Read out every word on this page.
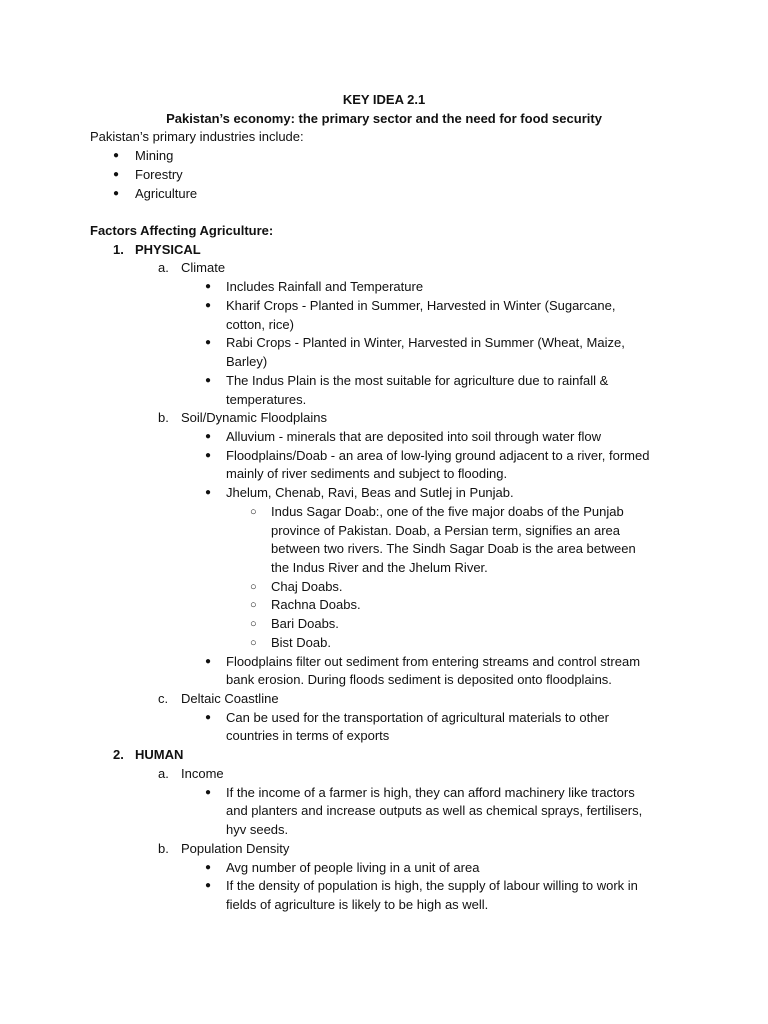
KEY IDEA 2.1
Pakistan’s economy: the primary sector and the need for food security
Pakistan’s primary industries include:
● Mining
● Forestry
● Agriculture
Factors Affecting Agriculture:
1. PHYSICAL
a. Climate
● Includes Rainfall and Temperature
● Kharif Crops - Planted in Summer, Harvested in Winter (Sugarcane,
cotton, rice)
● Rabi Crops - Planted in Winter, Harvested in Summer (Wheat, Maize,
Barley)
● The Indus Plain is the most suitable for agriculture due to rainfall &
temperatures.
b. Soil/Dynamic Floodplains
● Alluvium - minerals that are deposited into soil through water flow
● Floodplains/Doab - an area of low-lying ground adjacent to a river, formed
mainly of river sediments and subject to flooding.
● Jhelum, Chenab, Ravi, Beas and Sutlej in Punjab.
○ Indus Sagar Doab:, one of the five major doabs of the Punjab
province of Pakistan. Doab, a Persian term, signifies an area
between two rivers. The Sindh Sagar Doab is the area between
the Indus River and the Jhelum River.
○ Chaj Doabs.
○ Rachna Doabs.
○ Bari Doabs.
○ Bist Doab.
● Floodplains filter out sediment from entering streams and control stream
bank erosion. During floods sediment is deposited onto floodplains.
c. Deltaic Coastline
● Can be used for the transportation of agricultural materials to other
countries in terms of exports
2. HUMAN
a. Income
● If the income of a farmer is high, they can afford machinery like tractors
and planters and increase outputs as well as chemical sprays, fertilisers,
hyv seeds.
b. Population Density
● Avg number of people living in a unit of area
● If the density of population is high, the supply of labour willing to work in
fields of agriculture is likely to be high as well.
